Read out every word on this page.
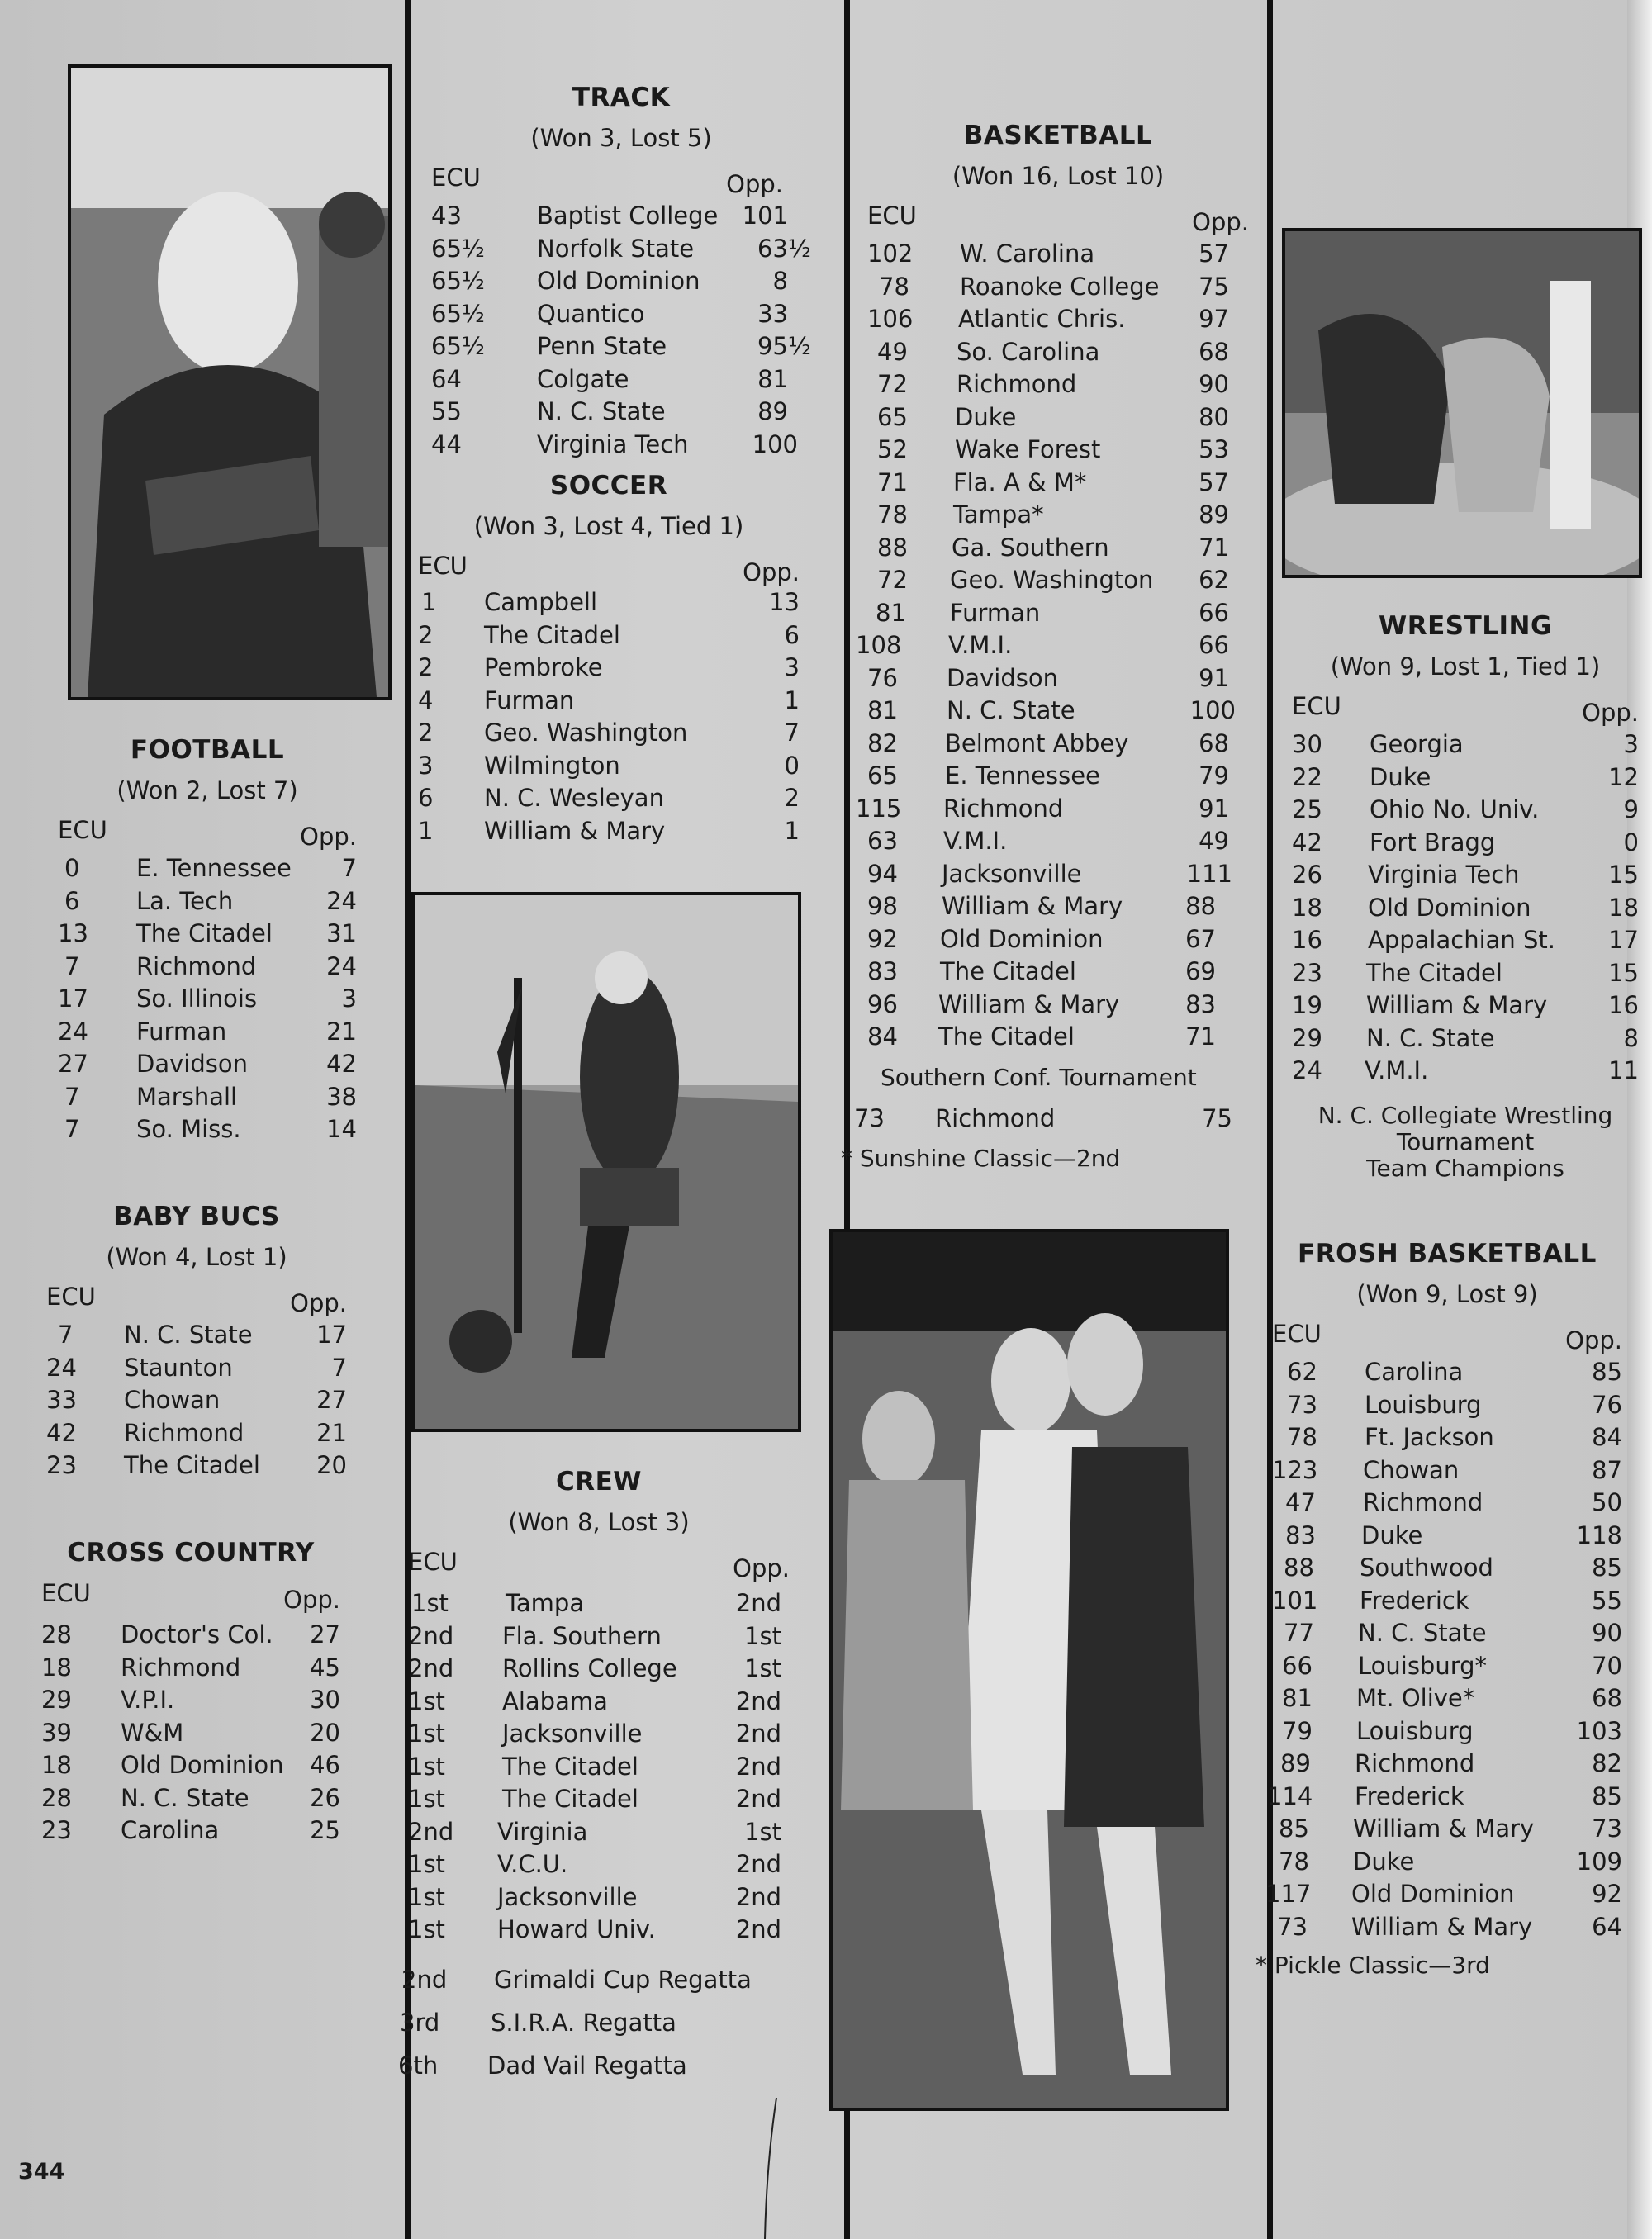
FOOTBALL
(Won 2, Lost 7)
ECU	Opp.
0	E. Tennessee 7
6	La. Tech	24
13	The Citadel 31
7	Richmond	24
17	So. Illinois	3
24	Furman	21
27	Davidson	42
7	Marshall	38
7	So. Miss.	14
BABY BUCS
(Won 4, Lost 1)
ECU	Opp.
7	N. C. State	17
24	Staunton	7
33	Chowan	27
42	Richmond	21
23	The Citadel 20
CROSS COUNTRY
ECU	Opp.
28	Doctor's Col. 27
18	Richmond	45
29	V.P.I.	30
39	W&M	20
18	Old Dominion 46
28	N. C. State	26
23	Carolina	25
TRACK
(Won 3, Lost 5)
ECU	Opp.
43	Baptist College 101
65½	Norfolk State	63½
65½	Old Dominion	8
65½	Quantico	33
65½	Penn State	95½
64	Colgate	81
55	N. C. State	89
44	Virginia Tech	100
SOCCER
(Won 3, Lost 4, Tied 1)
ECU	Opp.
1	Campbell	13
2	The Citadel	6
2	Pembroke	3
4	Furman	1
2	Geo. Washington	7
3	Wilmington	0
6	N. C. Wesleyan	2
1	William & Mary	1
CREW
(Won 8, Lost 3)
ECU	Opp.
1st	Tampa	2nd
2nd	Fla. Southern	1st
2nd	Rollins College	1st
1st	Alabama	2nd
1st	Jacksonville	2nd
1st	The Citadel	2nd
1st	The Citadel	2nd
2nd	Virginia	1st
1st	V.C.U.	2nd
1st	Jacksonville	2nd
1st	Howard Univ.	2nd
2nd	Grimaldi Cup Regatta
3rd	S.I.R.A. Regatta
6th	Dad Vail Regatta
BASKETBALL
(Won 16, Lost 10)
ECU	Opp.
102	W. Carolina	57
78	Roanoke College 75
106	Atlantic Chris.	97
49	So. Carolina	68
72	Richmond	90
65	Duke	80
52	Wake Forest	53
71	Fla. A & M*	57
78	Tampa*	89
88	Ga. Southern	71
72	Geo. Washington 62
81	Furman	66
108	V.M.I.	66
76	Davidson	91
81	N. C. State	100
82	Belmont Abbey	68
65	E. Tennessee	79
115	Richmond	91
63	V.M.I.	49
94	Jacksonville	111
98	William & Mary	88
92	Old Dominion	67
83	The Citadel	69
96	William & Mary	83
84	The Citadel	71
Southern Conf. Tournament
73	Richmond	75
* Sunshine Classic—2nd
WRESTLING
(Won 9, Lost 1, Tied 1)
ECU	Opp.
30	Georgia	3
22	Duke	12
25	Ohio No. Univ.	9
42	Fort Bragg	0
26	Virginia Tech	15
18	Old Dominion	18
16	Appalachian St. 17
23	The Citadel	15
19	William & Mary	16
29	N. C. State	8
24	V.M.I.	11
N. C. Collegiate Wrestling
Tournament
Team Champions
FROSH BASKETBALL
(Won 9, Lost 9)
ECU	Opp.
62	Carolina	85
73	Louisburg	76
78	Ft. Jackson	84
123	Chowan	87
47	Richmond	50
83	Duke	118
88	Southwood	85
101	Frederick	55
77	N. C. State	90
66	Louisburg*	70
81	Mt. Olive*	68
79	Louisburg	103
89	Richmond	82
114	Frederick	85
85	William & Mary 73
78	Duke	109
117	Old Dominion	92
73	William & Mary 64
* Pickle Classic—3rd
344
